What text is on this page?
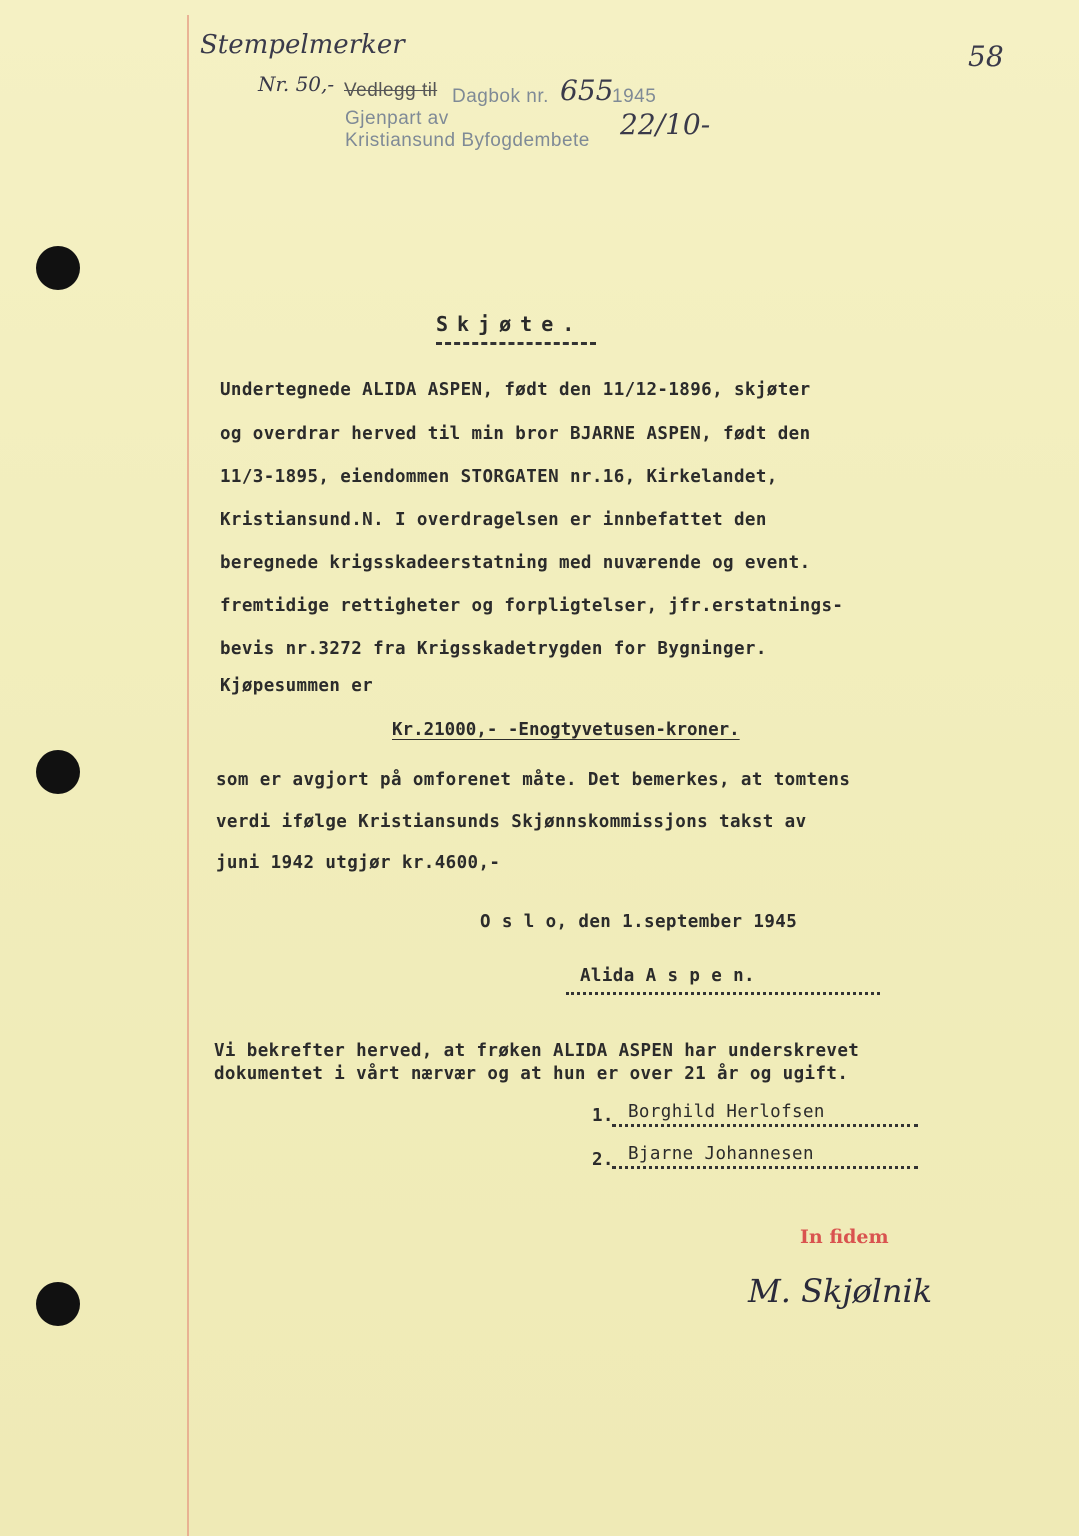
Stempelmerker
Nr. 50,- Vedlegg til Dagbok nr. 655
1945
Gjenpart av
Kristiansund Byfogdembete 22/10-
58
Skjøte.
Undertegnede ALIDA ASPEN, født den 11/12-1896, skjøter
og overdrar herved til min bror BJARNE ASPEN, født den
11/3-1895, eiendommen STORGATEN nr.16, Kirkelandet,
Kristiansund.N. I overdragelsen er innbefattet den
beregnede krigsskadeerstatning med nuværende og event.
fremtidige rettigheter og forpligtelser, jfr.erstatnings-
bevis nr.3272 fra Krigsskadetrygden for Bygninger.
Kjøpesummen er
Kr.21000,- -Enogtyvetusen-kroner.
som er avgjort på omforenet måte. Det bemerkes, at tomtens
verdi ifølge Kristiansunds Skjønnskommissjons takst av
juni 1942 utgjør kr.4600,-
O s l o, den 1.september 1945
Alida A s p e n.
Vi bekrefter herved, at frøken ALIDA ASPEN har underskrevet
dokumentet i vårt nærvær og at hun er over 21 år og ugift.
1. Borghild Herlofsen
2. Bjarne Johannesen
In fidem
M. Skjølnik
